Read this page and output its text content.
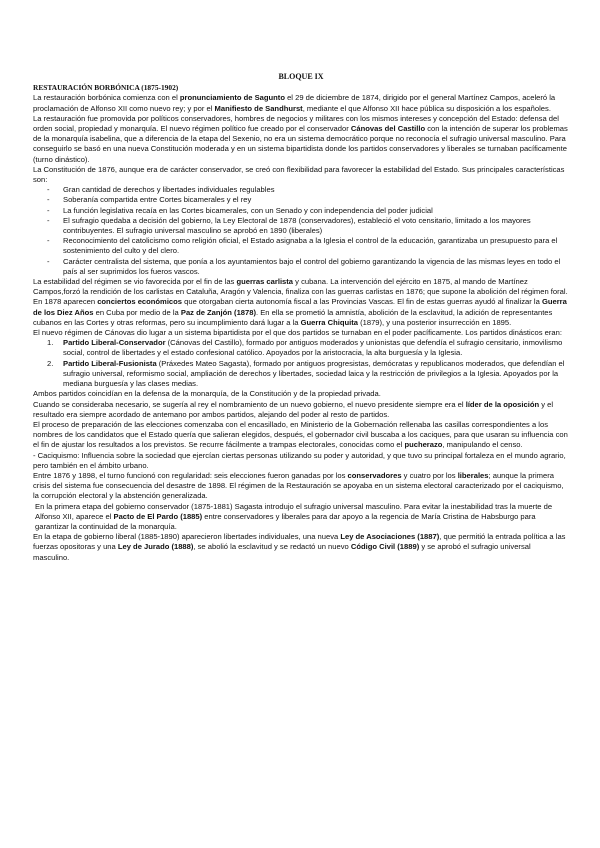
BLOQUE IX

RESTAURACIÓN BORBÓNICA (1875-1902)

La restauración borbónica comienza con el pronunciamiento de Sagunto el 29 de diciembre de 1874, dirigido por el general Martínez Campos, aceleró la proclamación de Alfonso XII como nuevo rey; y por el Manifiesto de Sandhurst, mediante el que Alfonso XII hace pública su disposición a los españoles.

La restauración fue promovida por políticos conservadores, hombres de negocios y militares con los mismos intereses y concepción del Estado: defensa del orden social, propiedad y monarquía. El nuevo régimen político fue creado por el conservador Cánovas del Castillo con la intención de superar los problemas de la monarquía isabelina, que a diferencia de la etapa del Sexenio, no era un sistema democrático porque no reconocía el sufragio universal masculino. Para conseguirlo se basó en una nueva Constitución moderada y en un sistema bipartidista donde los partidos conservadores y liberales se turnaban pacíficamente (turno dinástico).

La Constitución de 1876, aunque era de carácter conservador, se creó con flexibilidad para favorecer la estabilidad del Estado. Sus principales características son:

- Gran cantidad de derechos y libertades individuales regulables
- Soberanía compartida entre Cortes bicamerales y el rey
- La función legislativa recaía en las Cortes bicamerales, con un Senado y con independencia del poder judicial
- El sufragio quedaba a decisión del gobierno, la Ley Electoral de 1878 (conservadores), estableció el voto censitario, limitado a los mayores contribuyentes. El sufragio universal masculino se aprobó en 1890 (liberales)
- Reconocimiento del catolicismo como religión oficial, el Estado asignaba a la Iglesia el control de la educación, garantizaba un presupuesto para el sostenimiento del culto y del clero.
- Carácter centralista del sistema, que ponía a los ayuntamientos bajo el control del gobierno garantizando la vigencia de las mismas leyes en todo el país al ser suprimidos los fueros vascos.

La estabilidad del régimen se vio favorecida por el fin de las guerras carlista y cubana. La intervención del ejército en 1875, al mando de Martínez Campos,forzó la rendición de los carlistas en Cataluña, Aragón y Valencia, finaliza con las guerras carlistas en 1876; que supone la abolición del régimen foral. En 1878 aparecen conciertos económicos que otorgaban cierta autonomía fiscal a las Provincias Vascas. El fin de estas guerras ayudó al finalizar la Guerra de los Diez Años en Cuba por medio de la Paz de Zanjón (1878). En ella se prometió la amnistía, abolición de la esclavitud, la adición de representantes cubanos en las Cortes y otras reformas, pero su incumplimiento dará lugar a la Guerra Chiquita (1879), y una posterior insurrección en 1895.

El nuevo régimen de Cánovas dio lugar a un sistema bipartidista por el que dos partidos se turnaban en el poder pacíficamente. Los partidos dinásticos eran:

1. Partido Liberal-Conservador (Cánovas del Castillo), formado por antiguos moderados y unionistas que defendía el sufragio censitario, inmovilismo social, control de libertades y el estado confesional católico. Apoyados por la aristocracia, la alta burguesía y la Iglesia.
2. Partido Liberal-Fusionista (Práxedes Mateo Sagasta), formado por antiguos progresistas, demócratas y republicanos moderados, que defendían el sufragio universal, reformismo social, ampliación de derechos y libertades, sociedad laica y la restricción de privilegios a la Iglesia. Apoyados por la mediana burguesía y las clases medias.

Ambos partidos coincidían en la defensa de la monarquía, de la Constitución y de la propiedad privada.

Cuando se consideraba necesario, se sugería al rey el nombramiento de un nuevo gobierno, el nuevo presidente siempre era el líder de la oposición y el resultado era siempre acordado de antemano por ambos partidos, alejando del poder al resto de partidos.

El proceso de preparación de las elecciones comenzaba con el encasillado, en Ministerio de la Gobernación rellenaba las casillas correspondientes a los nombres de los candidatos que el Estado quería que salieran elegidos, después, el gobernador civil buscaba a los caciques, para que usaran su influencia con el fin de ajustar los resultados a los previstos. Se recurre fácilmente a trampas electorales, conocidas como el pucherazo, manipulando el censo.

- Caciquismo: Influencia sobre la sociedad que ejercían ciertas personas utilizando su poder y autoridad, y que tuvo su principal fortaleza en el mundo agrario, pero también en el ámbito urbano.

Entre 1876 y 1898, el turno funcionó con regularidad: seis elecciones fueron ganadas por los conservadores y cuatro por los liberales; aunque la primera crisis del sistema fue consecuencia del desastre de 1898. El régimen de la Restauración se apoyaba en un sistema electoral caracterizado por el caciquismo, la corrupción electoral y la abstención generalizada.

En la primera etapa del gobierno conservador (1875-1881) Sagasta introdujo el sufragio universal masculino. Para evitar la inestabilidad tras la muerte de Alfonso XII, aparece el Pacto de El Pardo (1885) entre conservadores y liberales para dar apoyo a la regencia de María Cristina de Habsburgo para garantizar la continuidad de la monarquía.

En la etapa de gobierno liberal (1885-1890) aparecieron libertades individuales, una nueva Ley de Asociaciones (1887), que permitió la entrada política a las fuerzas opositoras y una Ley de Jurado (1888), se abolió la esclavitud y se redactó un nuevo Código Civil (1889) y se aprobó el sufragio universal masculino.
